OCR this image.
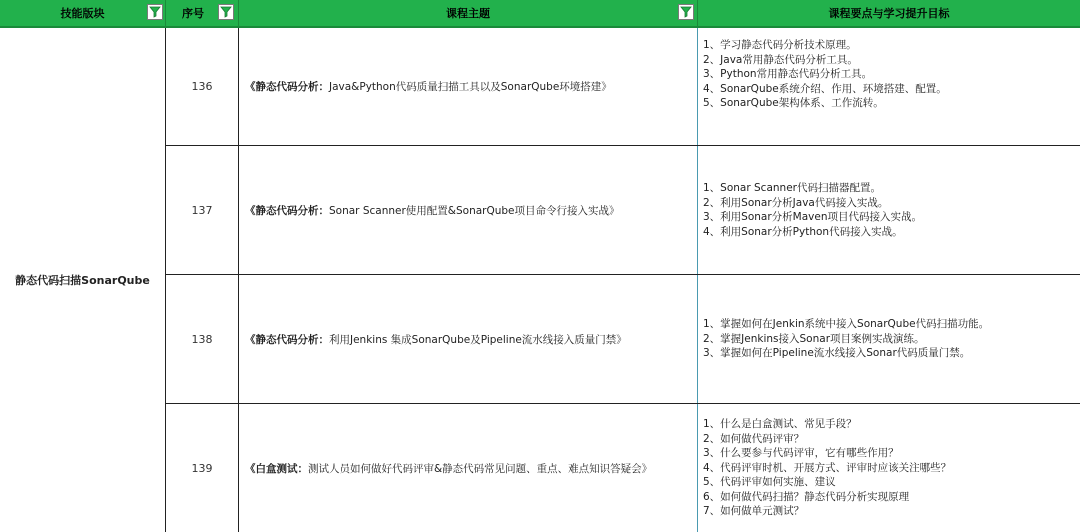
技能版块	序号	课程主题	课程要点与学习提升目标
静态代码扫描SonarQube
136	《静态代码分析： Java&Python代码质量扫描工具以及SonarQube环境搭建》
1、学习静态代码分析技术原理。
2、Java常用静态代码分析工具。
3、Python常用静态代码分析工具。
4、SonarQube系统介绍、作用、环境搭建、配置。
5、SonarQube架构体系、工作流转。
137	《静态代码分析： Sonar Scanner使用配置&SonarQube项目命令行接入实战》
1、Sonar Scanner代码扫描器配置。
2、利用Sonar分析Java代码接入实战。
3、利用Sonar分析Maven项目代码接入实战。
4、利用Sonar分析Python代码接入实战。
138	《静态代码分析： 利用Jenkins 集成SonarQube及Pipeline流水线接入质量门禁》
1、掌握如何在Jenkin系统中接入SonarQube代码扫描功能。
2、掌握Jenkins接入Sonar项目案例实战演练。
3、掌握如何在Pipeline流水线接入Sonar代码质量门禁。
139	《白盒测试： 测试人员如何做好代码评审&静态代码常见问题、重点、难点知识答疑会》
1、什么是白盒测试、常见手段？
2、如何做代码评审？
3、什么要参与代码评审，它有哪些作用？
4、代码评审时机、开展方式、评审时应该关注哪些？
5、代码评审如何实施、建议
6、如何做代码扫描？静态代码分析实现原理
7、如何做单元测试？
